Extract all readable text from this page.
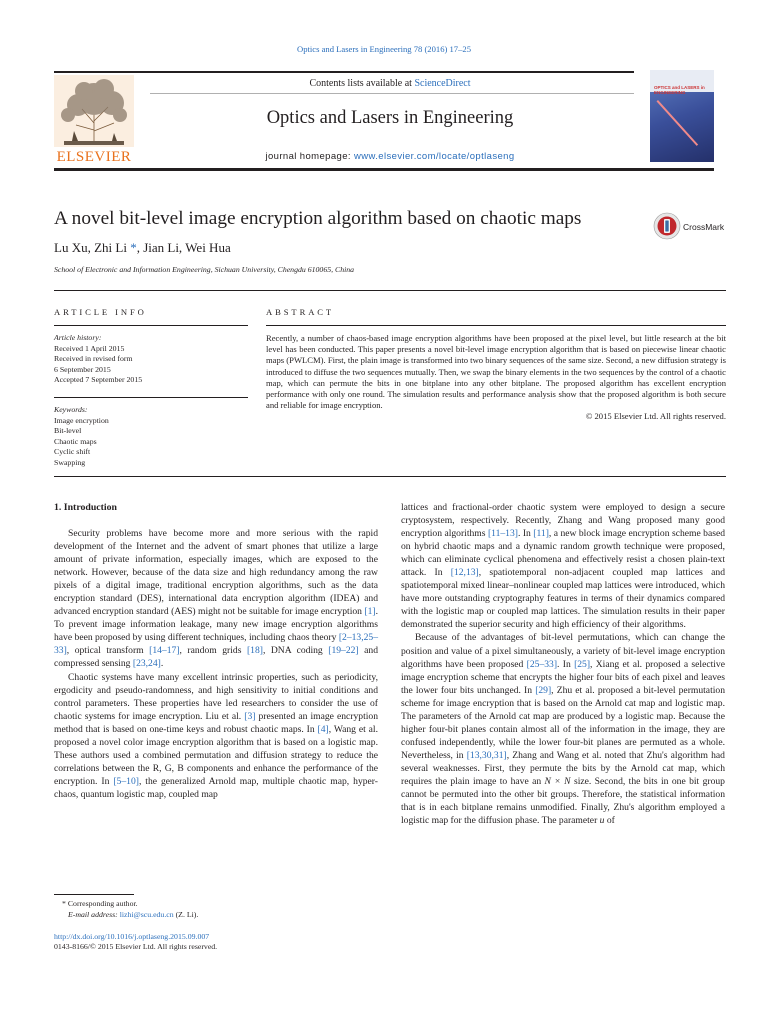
Optics and Lasers in Engineering 78 (2016) 17–25
ELSEVIER
Contents lists available at ScienceDirect
Optics and Lasers in Engineering
journal homepage: www.elsevier.com/locate/optlaseng
OPTICS and LASERS in ENGINEERING
A novel bit-level image encryption algorithm based on chaotic maps	CrossMark
Lu Xu, Zhi Li *, Jian Li, Wei Hua
School of Electronic and Information Engineering, Sichuan University, Chengdu 610065, China
ARTICLE INFO
Article history:
Received 1 April 2015
Received in revised form
6 September 2015
Accepted 7 September 2015
Keywords:
Image encryption
Bit-level
Chaotic maps
Cyclic shift
Swapping
ABSTRACT
Recently, a number of chaos-based image encryption algorithms have been proposed at the pixel level, but little research at the bit level has been conducted. This paper presents a novel bit-level image encryption algorithm that is based on piecewise linear chaotic maps (PWLCM). First, the plain image is transformed into two binary sequences of the same size. Second, a new diffusion strategy is introduced to diffuse the two sequences mutually. Then, we swap the binary elements in the two sequences by the control of a chaotic map, which can permute the bits in one bitplane into any other bitplane. The proposed algorithm has excellent encryption performance with only one round. The simulation results and performance analysis show that the proposed algorithm is both secure and reliable for image encryption.
© 2015 Elsevier Ltd. All rights reserved.
1. Introduction

Security problems have become more and more serious with the rapid development of the Internet and the advent of smart phones that utilize a large amount of private information, especially images, which are exposed to the network. However, because of the data size and high redundancy among the raw pixels of a digital image, traditional encryption algorithms, such as the data encryption standard (DES), international data encryption algorithm (IDEA) and advanced encryption standard (AES) might not be suitable for image encryption [1]. To prevent image information leakage, many new image encryption algorithms have been proposed by using different techniques, including chaos theory [2–13,25–33], optical transform [14–17], random grids [18], DNA coding [19–22] and compressed sensing [23,24].

Chaotic systems have many excellent intrinsic properties, such as periodicity, ergodicity and pseudo-randomness, and high sensitivity to initial conditions and control parameters. These properties have led researchers to consider the use of chaotic systems for image encryption. Liu et al. [3] presented an image encryption method that is based on one-time keys and robust chaotic maps. In [4], Wang et al. proposed a novel color image encryption algorithm that is based on a logistic map. These authors used a combined permutation and diffusion strategy to reduce the correlations between the R, G, B components and enhance the performance of the encryption. In [5–10], the generalized Arnold map, multiple chaotic map, hyper-chaos, quantum logistic map, coupled map

lattices and fractional-order chaotic system were employed to design a secure cryptosystem, respectively. Recently, Zhang and Wang proposed many good encryption algorithms [11–13]. In [11], a new block image encryption scheme based on hybrid chaotic maps and a dynamic random growth technique were proposed, which can eliminate cyclical phenomena and effectively resist a chosen plain-text attack. In [12,13], spatiotemporal non-adjacent coupled map lattices and spatiotemporal mixed linear–nonlinear coupled map lattices were introduced, which have more outstanding cryptography features in terms of their dynamics compared with the logistic map or coupled map lattices. The simulation results in their paper demonstrated the superior security and high efficiency of their algorithms.

Because of the advantages of bit-level permutations, which can change the position and value of a pixel simultaneously, a variety of bit-level image encryption algorithms have been proposed [25–33]. In [25], Xiang et al. proposed a selective image encryption scheme that encrypts the higher four bits of each pixel and leaves the lower four bits unchanged. In [29], Zhu et al. proposed a bit-level permutation scheme for image encryption that is based on the Arnold cat map and logistic map. The parameters of the Arnold cat map are produced by a logistic map. Because the higher four-bit planes contain almost all of the information in the image, they are confused independently, while the lower four-bit planes are permuted as a whole. Nevertheless, in [13,30,31], Zhang and Wang et al. noted that Zhu's algorithm had several weaknesses. First, they permute the bits by the Arnold cat map, which requires the plain image to have an N × N size. Second, the bits in one bit group cannot be permuted into the other bit groups. Therefore, the statistical information that is in each bitplane remains unmodified. Finally, Zhu's algorithm employed a logistic map for the diffusion phase. The parameter u of

* Corresponding author.
E-mail address: lizhi@scu.edu.cn (Z. Li).
http://dx.doi.org/10.1016/j.optlaseng.2015.09.007
0143-8166/© 2015 Elsevier Ltd. All rights reserved.
